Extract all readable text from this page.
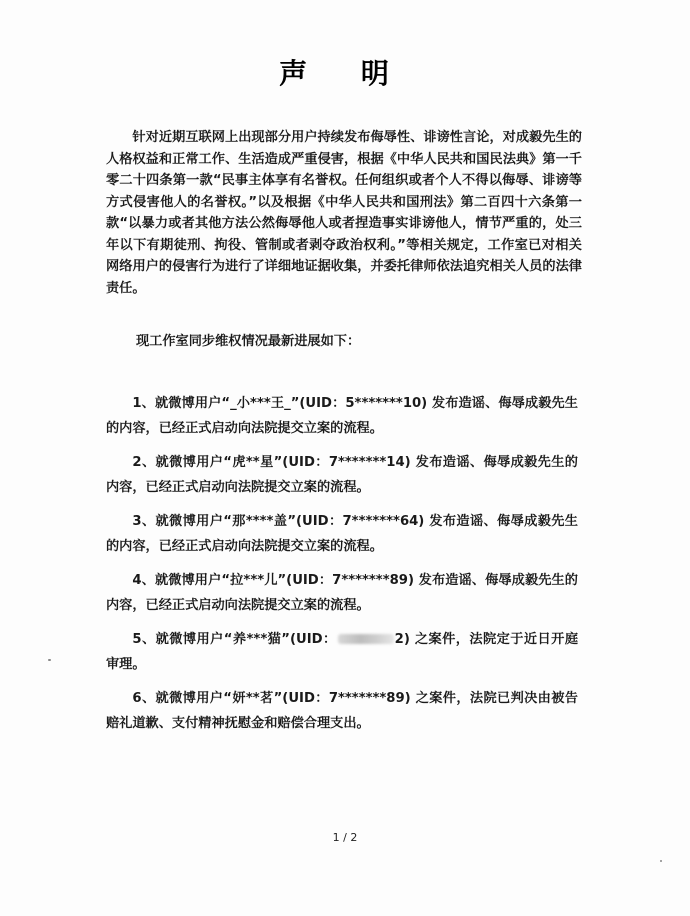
声 明

针对近期互联网上出现部分用户持续发布侮辱性、诽谤性言论，对成毅先生的人格权益和正常工作、生活造成严重侵害，根据《中华人民共和国民法典》第一千零二十四条第一款“民事主体享有名誉权。任何组织或者个人不得以侮辱、诽谤等方式侵害他人的名誉权。”以及根据《中华人民共和国刑法》第二百四十六条第一款“以暴力或者其他方法公然侮辱他人或者捏造事实诽谤他人，情节严重的，处三年以下有期徒刑、拘役、管制或者剥夺政治权利。”等相关规定，工作室已对相关网络用户的侵害行为进行了详细地证据收集，并委托律师依法追究相关人员的法律责任。

现工作室同步维权情况最新进展如下：

1、就微博用户“_小***王_”(UID：5*******10) 发布造谣、侮辱成毅先生的内容，已经正式启动向法院提交立案的流程。
2、就微博用户“虎**星”(UID：7*******14) 发布造谣、侮辱成毅先生的内容，已经正式启动向法院提交立案的流程。
3、就微博用户“那****盖”(UID：7*******64) 发布造谣、侮辱成毅先生的内容，已经正式启动向法院提交立案的流程。
4、就微博用户“拉***儿”(UID：7*******89) 发布造谣、侮辱成毅先生的内容，已经正式启动向法院提交立案的流程。
5、就微博用户“养***猫”(UID：	2) 之案件，法院定于近日开庭审理。
6、就微博用户“妍**茗”(UID：7*******89) 之案件，法院已判决由被告赔礼道歉、支付精神抚慰金和赔偿合理支出。
1 / 2
